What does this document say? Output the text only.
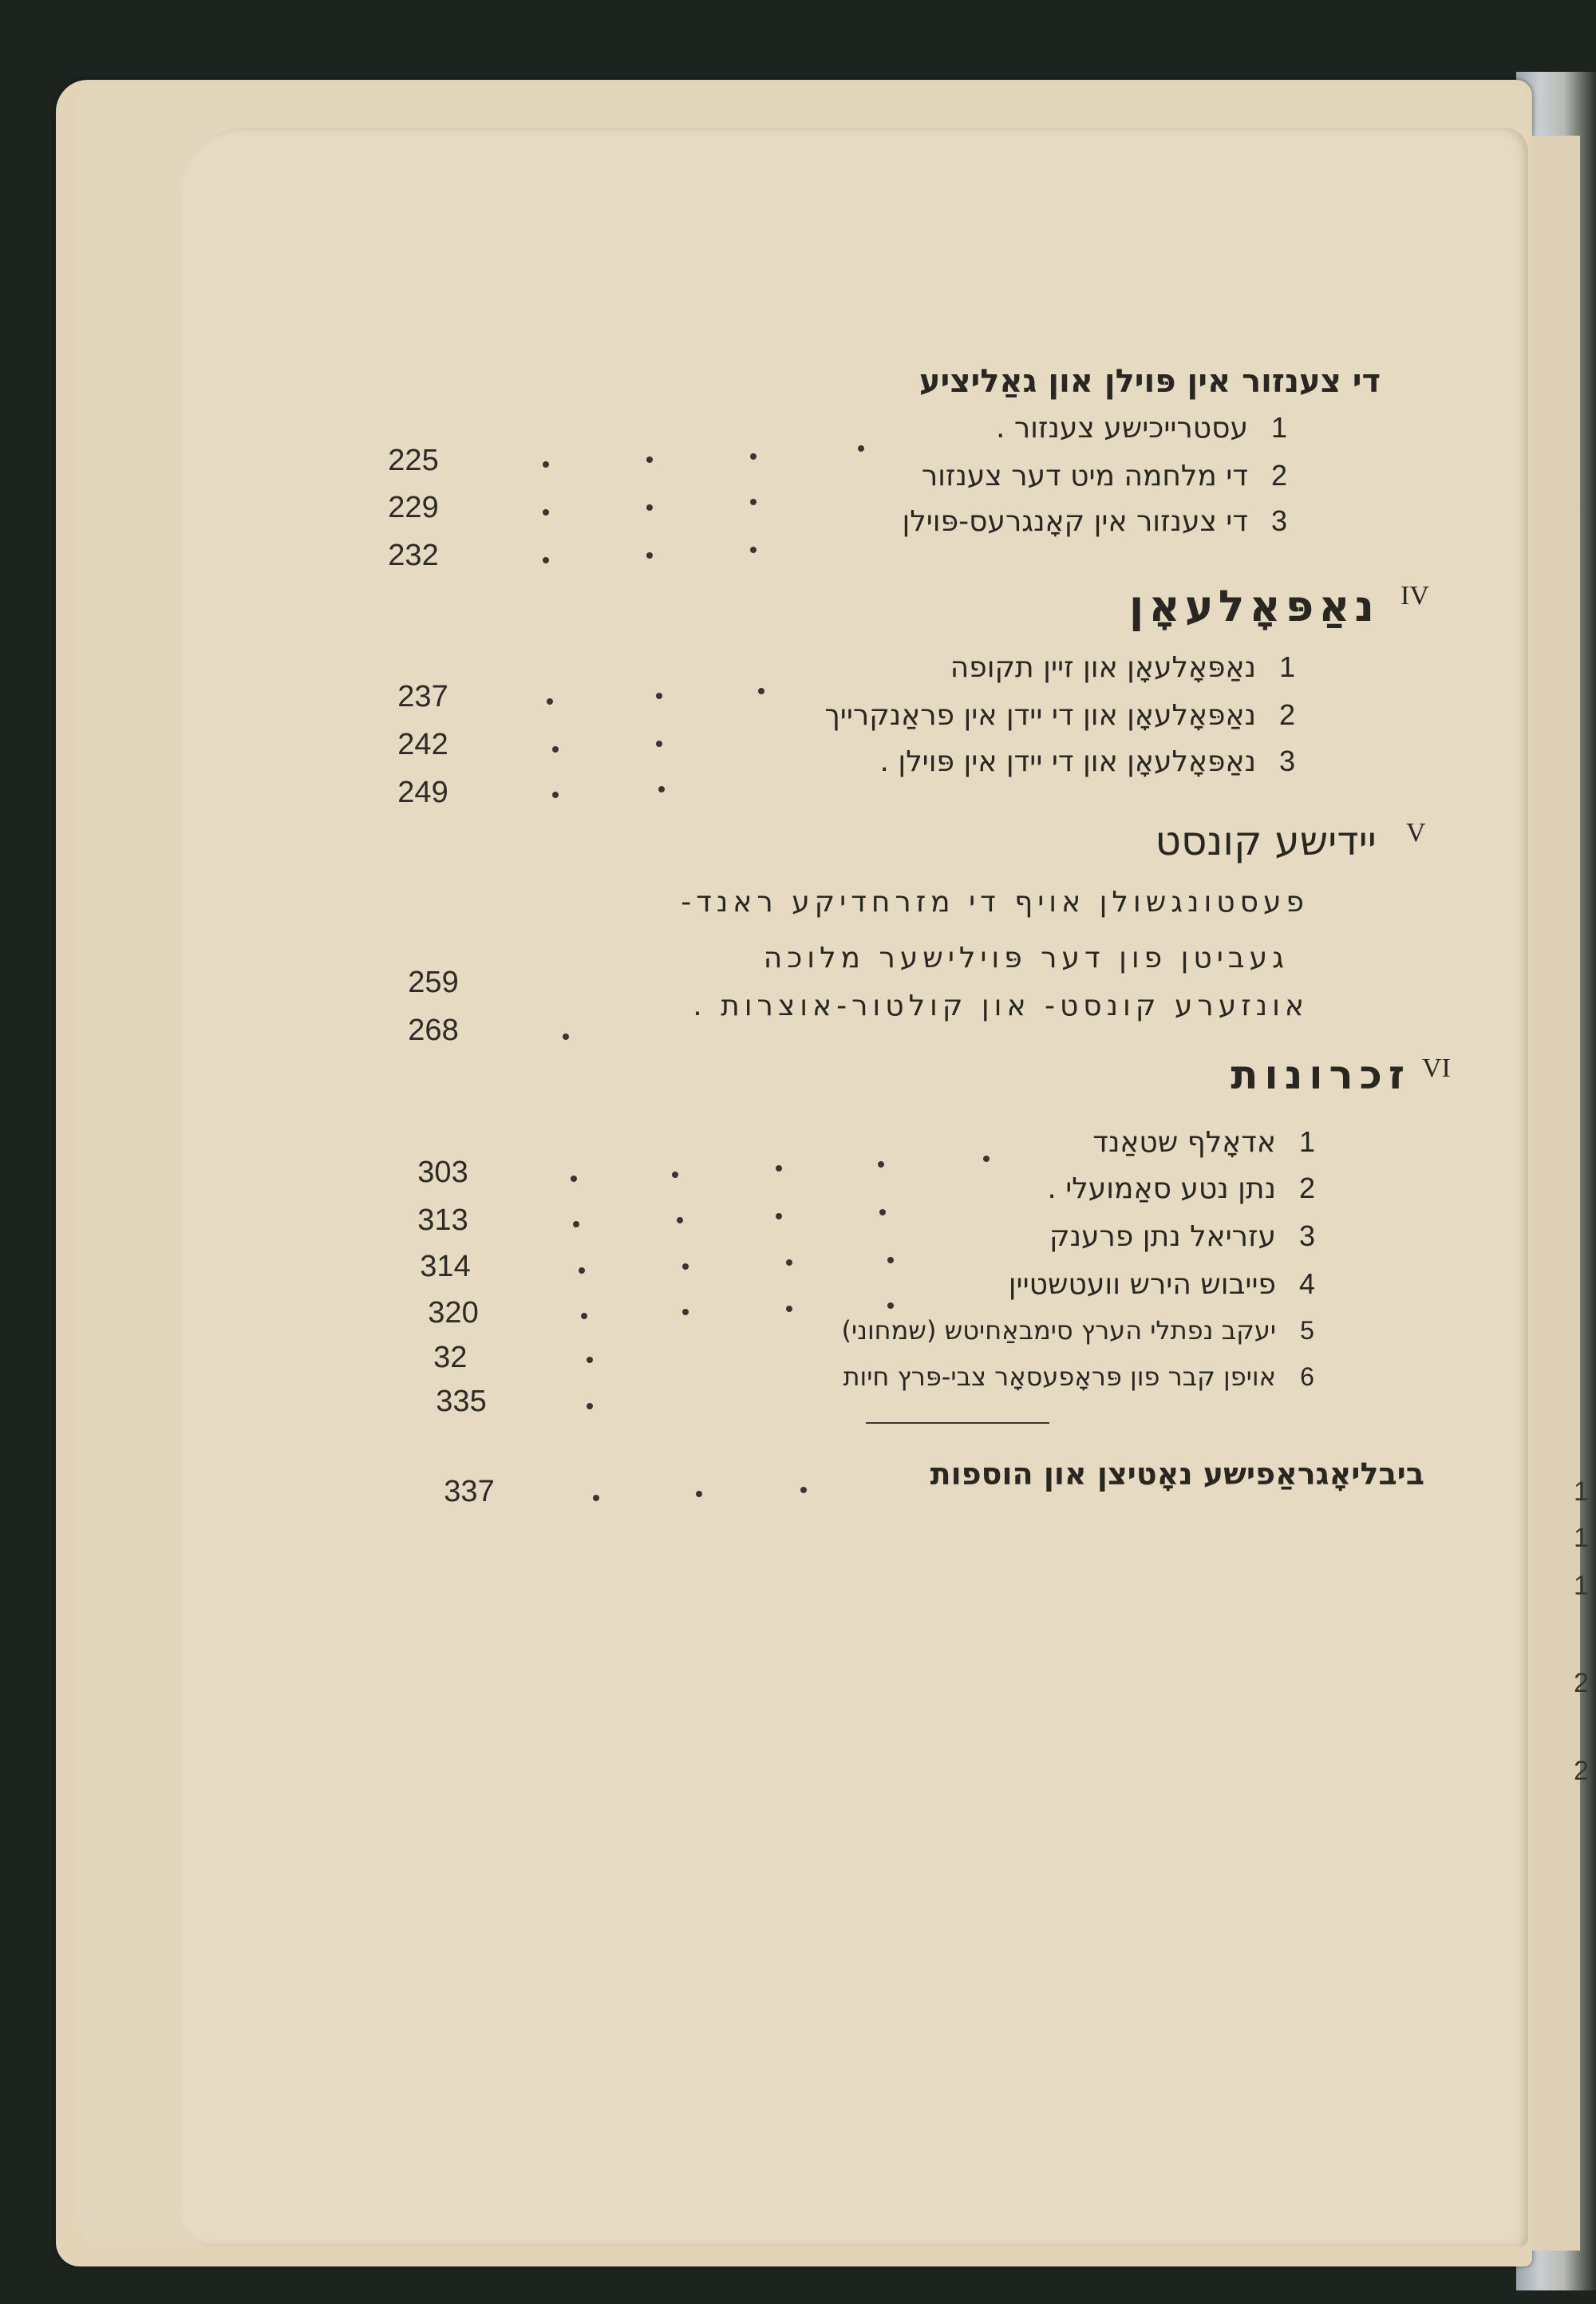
1
1
1
2
2
די צענזור אין פּוילן און גאַליציע
1עסטרייכישע צענזור .
2די מלחמה מיט דער צענזור
3די צענזור אין קאָנגרעס-פּוילן
225
229
232
IV
נאַפּאָלעאָן
1נאַפּאָלעאָן און זיין תקופה
2נאַפּאָלעאָן און די יידן אין פראַנקרייך
3נאַפּאָלעאָן און די יידן אין פּוילן .
237
242
249
V
יידישע קונסט
פעסטונגשולן אויף די מזרחדיקע ראנד-
געביטן פון דער פּוילישער מלוכה
אונזערע קונסט- און קולטור-אוצרות .
259
268
VI
זכרונות
1אדאָלף שטאַנד
2נתן נטע סאַמועלי .
3עזריאל נתן פרענק
4פייבוש הירש וועטשטיין
5יעקב נפתלי הערץ סימבאַחיטש (שמחוני)
6אויפן קבר פון פּראָפעסאָר צבי-פּרץ חיות
303
313
314
320
32 
335
ביבליאָגראַפישע נאָטיצן און הוספות
337
